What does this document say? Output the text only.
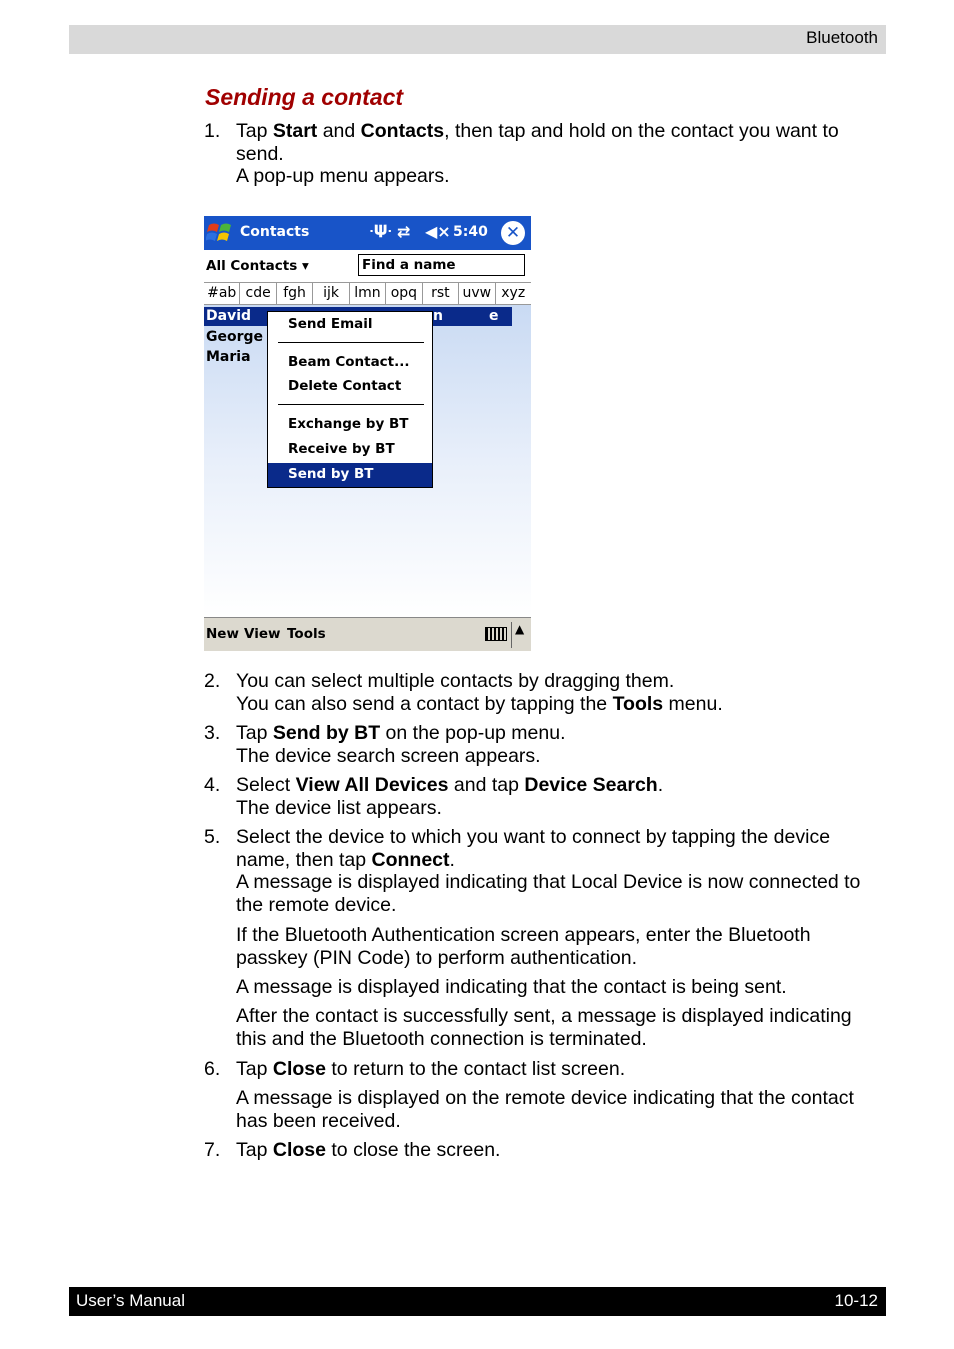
Bluetooth
Sending a contact
1. Tap Start and Contacts, then tap and hold on the contact you want to send.

A pop-up menu appears.

Contacts	ᐧ𝚿ᐧ ⇄ ◀× 5:40 ✕
All Contacts ▾	Find a name
#ab cde fgh	ijk	lmn opq rst uvw xyz
David	n	e
George
Maria
Send Email
Beam Contact...
Delete Contact
Exchange by BT
Receive by BT
Send by BT
New View Tools	▲
2. You can select multiple contacts by dragging them.

You can also send a contact by tapping the Tools menu.

3. Tap Send by BT on the pop-up menu.

The device search screen appears.

4. Select View All Devices and tap Device Search.

The device list appears.

5. Select the device to which you want to connect by tapping the device name, then tap Connect.

A message is displayed indicating that Local Device is now connected to the remote device.

If the Bluetooth Authentication screen appears, enter the Bluetooth passkey (PIN Code) to perform authentication.

A message is displayed indicating that the contact is being sent.

After the contact is successfully sent, a message is displayed indicating this and the Bluetooth connection is terminated.

6. Tap Close to return to the contact list screen.

A message is displayed on the remote device indicating that the contact has been received.

7. Tap Close to close the screen.

User’s Manual	10-12
